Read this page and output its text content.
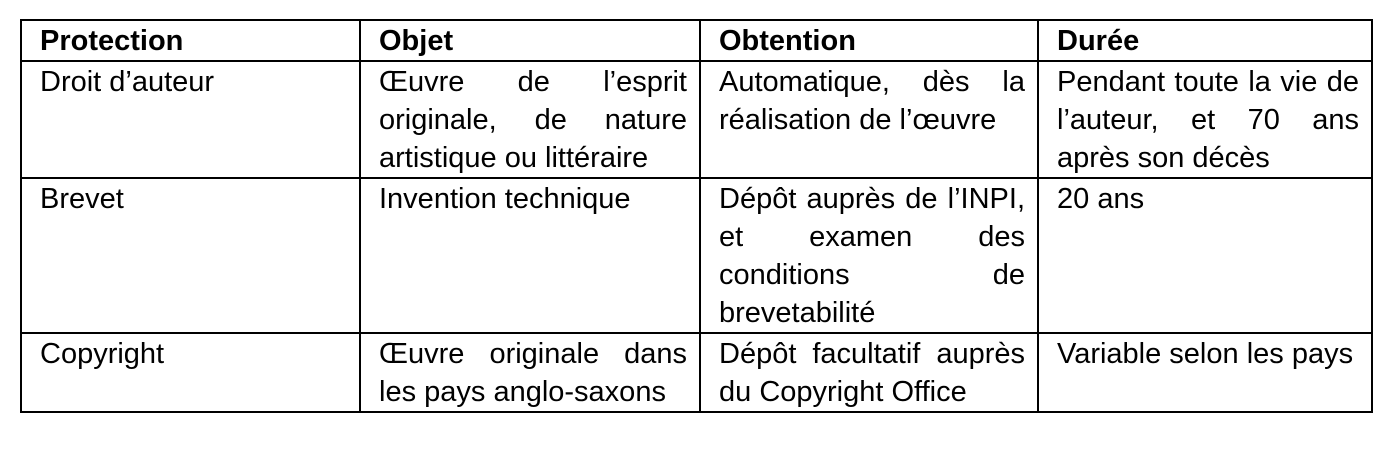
Protection	Objet	Obtention	Durée
Droit d’auteur	Œuvre de l’esprit originale, de nature artistique ou littéraire	Automatique, dès la réalisation de l’œuvre	Pendant toute la vie de l’auteur, et 70 ans après son décès
Brevet	Invention technique	Dépôt auprès de l’INPI, et examen des conditions de brevetabilité	20 ans
Copyright	Œuvre originale dans les pays anglo-saxons	Dépôt facultatif auprès du Copyright Office	Variable selon les pays
